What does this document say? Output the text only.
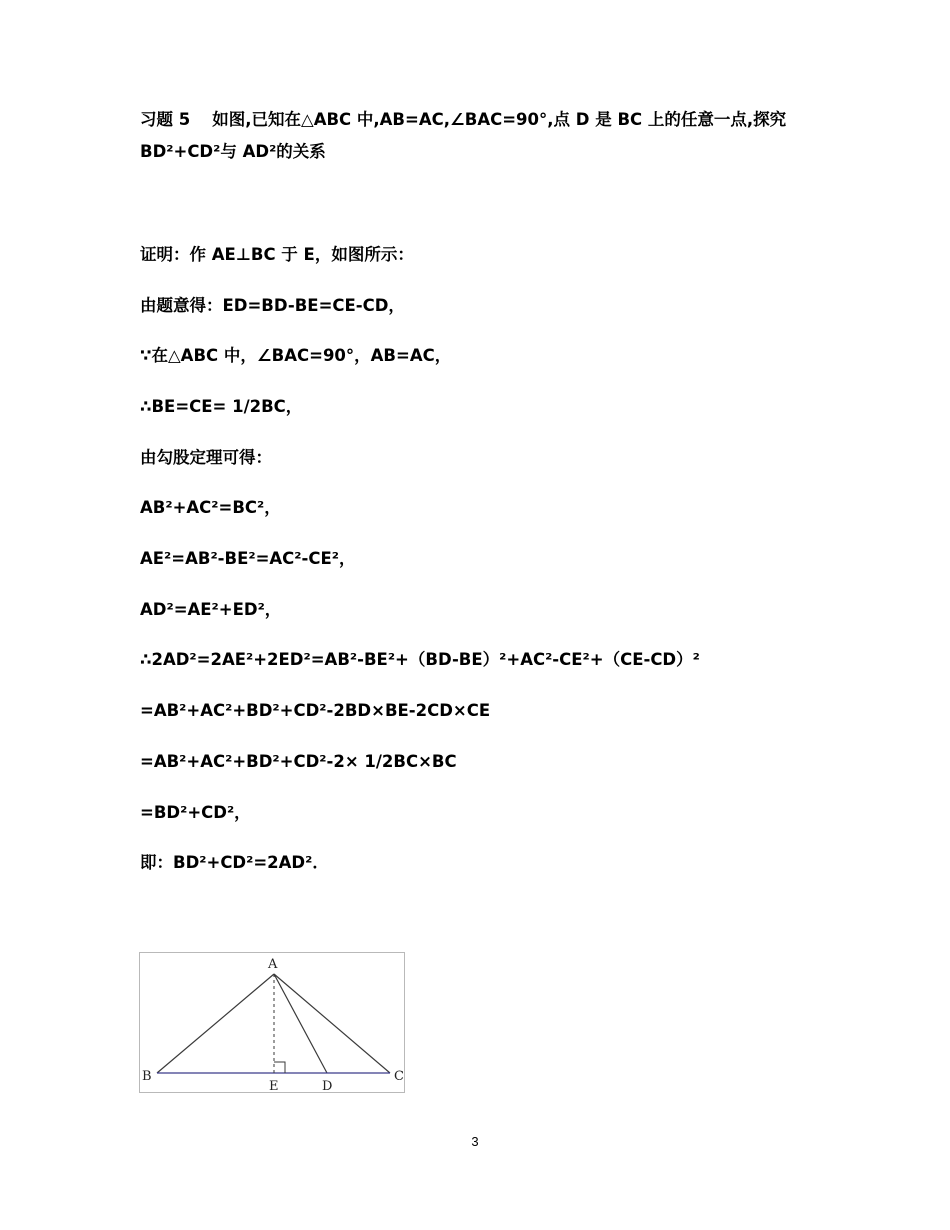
习题 5 如图,已知在△ABC 中,AB=AC,∠BAC=90°,点 D 是 BC 上的任意一点,探究 BD²+CD²与 AD²的关系
证明：作 AE⊥BC 于 E，如图所示：
由题意得：ED=BD-BE=CE-CD，
∵在△ABC 中，∠BAC=90°，AB=AC，
∴BE=CE= 1/2BC，
由勾股定理可得：
AB²+AC²=BC²，
AE²=AB²-BE²=AC²-CE²，
AD²=AE²+ED²，
∴2AD²=2AE²+2ED²=AB²-BE²+（BD-BE）²+AC²-CE²+（CE-CD）²
=AB²+AC²+BD²+CD²-2BD×BE-2CD×CE
=AB²+AC²+BD²+CD²-2× 1/2BC×BC
=BD²+CD²，
即：BD²+CD²=2AD²．
A
B	C
E	D
3
